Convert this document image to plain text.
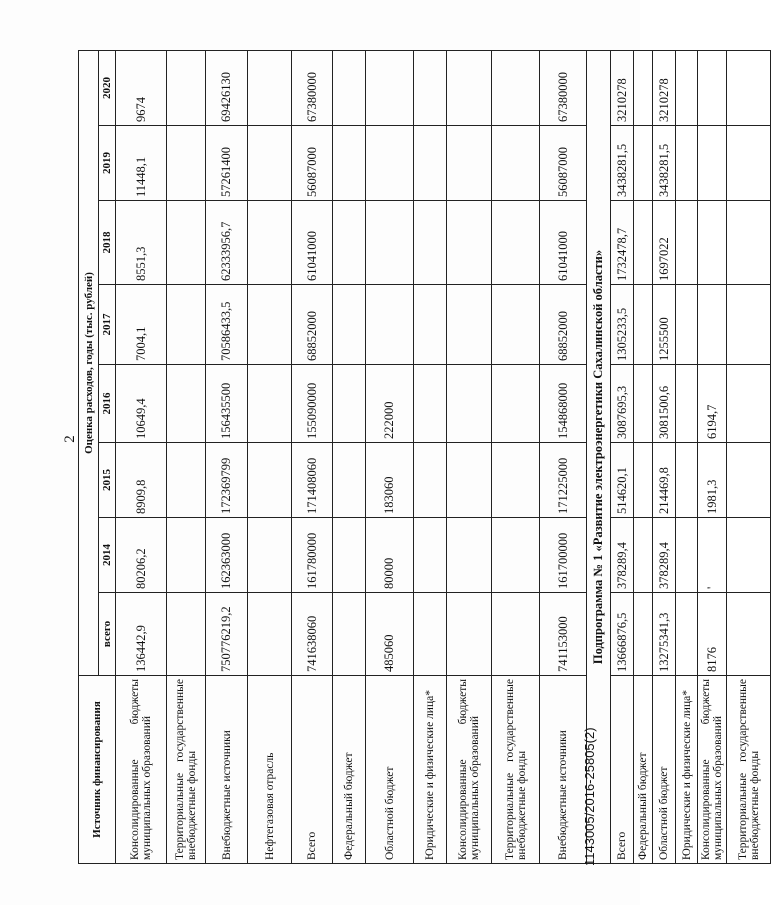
2
Источник финансирования	Оценка расходов, годы (тыс. рублей)							
	всего	2014	2015	2016	2017	2018	2019	2020
Консолидированные бюджеты муниципальных образований	136442,9	80206,2	8909,8	10649,4	7004,1	8551,3	11448,1	9674
Территориальные государственные внебюджетные фонды								
Внебюджетные источники	750776219,2	162363000	172369799	156435500	70586433,5	62333956,7	57261400	69426130
Нефтегазовая отрасль								
Всего	741638060	161780000	171408060	155090000	68852000	61041000	56087000	67380000
Федеральный бюджет								
Областной бюджет	485060	80000	183060	222000				
Юридические и физические лица*								
Консолидированные бюджеты муниципальных образований								
Территориальные государственные внебюджетные фонды								
Внебюджетные источники	741153000	161700000	171225000	154868000	68852000	61041000	56087000	67380000
Подпрограмма № 1 «Развитие электроэнергетики Сахалинской области»								
Всего	13666876,5	378289,4	514620,1	3087695,3	1305233,5	1732478,7	3438281,5	3210278
Федеральный бюджет								
Областной бюджет	13275341,3	378289,4	214469,8	3081500,6	1255500	1697022	3438281,5	3210278
Юридические и физические лица*								
Консолидированные бюджеты муниципальных образований	8176	'	1981,3	6194,7				
Территориальные государственные внебюджетные фонды								
1143005/2016-25805(2)
